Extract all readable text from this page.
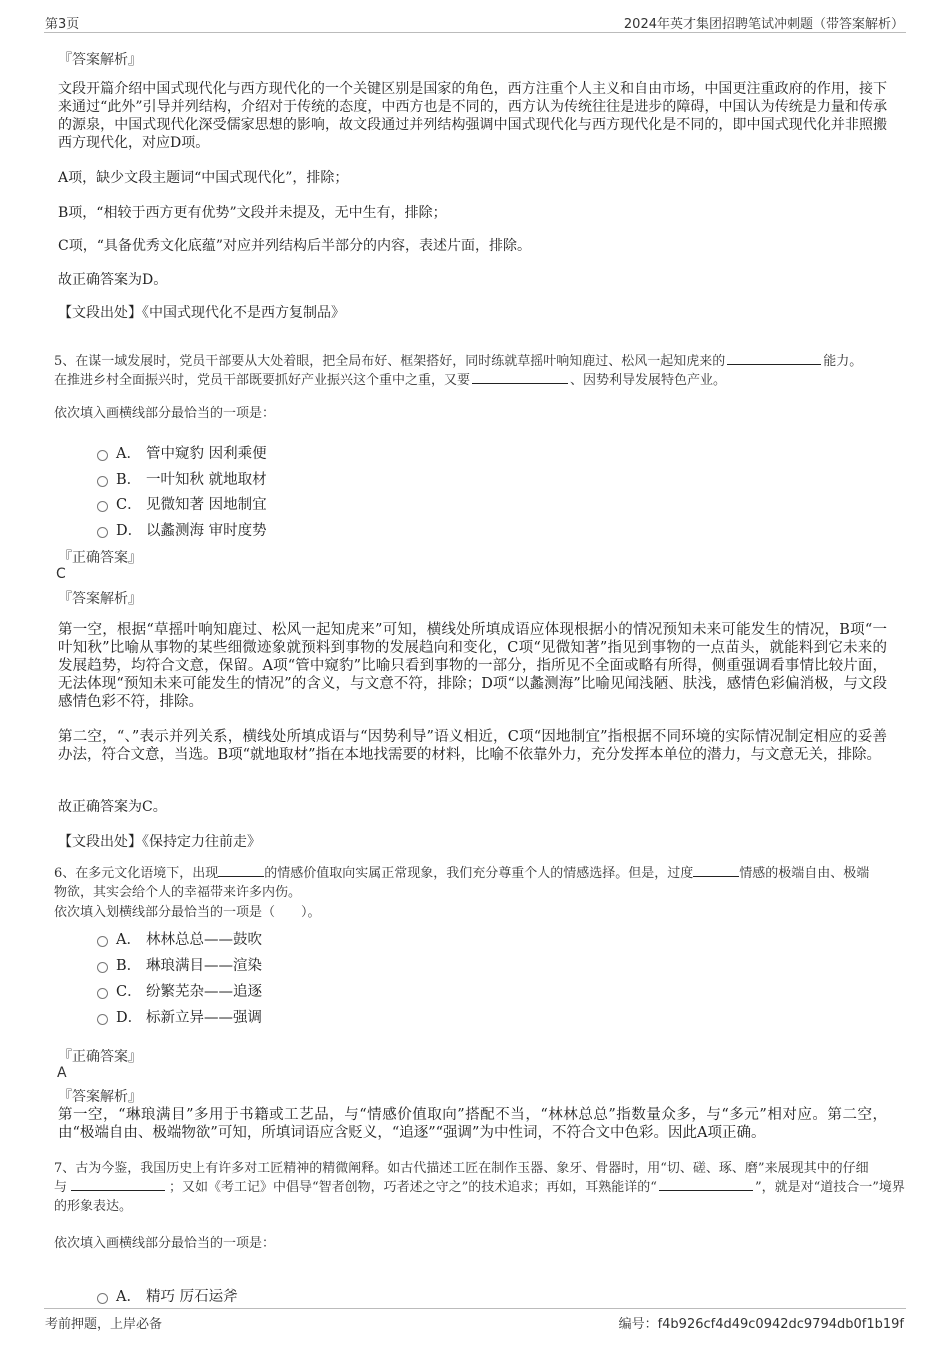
第3页	2024年英才集团招聘笔试冲刺题（带答案解析）
『答案解析』
文段开篇介绍中国式现代化与西方现代化的一个关键区别是国家的角色，西方注重个人主义和自由市场，中国更注重政府的作用，接下来通过“此外”引导并列结构，介绍对于传统的态度，中西方也是不同的，西方认为传统往往是进步的障碍，中国认为传统是力量和传承的源泉，中国式现代化深受儒家思想的影响，故文段通过并列结构强调中国式现代化与西方现代化是不同的，即中国式现代化并非照搬西方现代化，对应D项。
A项，缺少文段主题词“中国式现代化”，排除；
B项，“相较于西方更有优势”文段并未提及，无中生有，排除；
C项，“具备优秀文化底蕴”对应并列结构后半部分的内容，表述片面，排除。
故正确答案为D。
【文段出处】《中国式现代化不是西方复制品》
5、在谋一域发展时，党员干部要从大处着眼，把全局布好、框架搭好，同时练就草摇叶响知鹿过、松风一起知虎来的	能力。
在推进乡村全面振兴时，党员干部既要抓好产业振兴这个重中之重，又要	、因势利导发展特色产业。
依次填入画横线部分最恰当的一项是：
A． 管中窥豹 因利乘便
B． 一叶知秋 就地取材
C． 见微知著 因地制宜
D． 以蠡测海 审时度势
『正确答案』
C
『答案解析』
第一空，根据“草摇叶响知鹿过、松风一起知虎来”可知，横线处所填成语应体现根据小的情况预知未来可能发生的情况，B项“一叶知秋”比喻从事物的某些细微迹象就预料到事物的发展趋向和变化，C项“见微知著”指见到事物的一点苗头，就能料到它未来的发展趋势，均符合文意，保留。A项“管中窥豹”比喻只看到事物的一部分，指所见不全面或略有所得，侧重强调看事情比较片面，无法体现“预知未来可能发生的情况”的含义，与文意不符，排除；D项“以蠡测海”比喻见闻浅陋、肤浅，感情色彩偏消极，与文段感情色彩不符，排除。
第二空，“、”表示并列关系，横线处所填成语与“因势利导”语义相近，C项“因地制宜”指根据不同环境的实际情况制定相应的妥善办法，符合文意，当选。B项“就地取材”指在本地找需要的材料，比喻不依靠外力，充分发挥本单位的潜力，与文意无关，排除。
故正确答案为C。
【文段出处】《保持定力往前走》
6、在多元文化语境下，出现	的情感价值取向实属正常现象，我们充分尊重个人的情感选择。但是，过度	情感的极端自由、极端
物欲，其实会给个人的幸福带来许多内伤。
依次填入划横线部分最恰当的一项是（　　）。
A． 林林总总——鼓吹
B． 琳琅满目——渲染
C． 纷繁芜杂——追逐
D． 标新立异——强调
『正确答案』
A
『答案解析』
第一空，“琳琅满目”多用于书籍或工艺品，与“情感价值取向”搭配不当，“林林总总”指数量众多，与“多元”相对应。第二空，由“极端自由、极端物欲”可知，所填词语应含贬义，“追逐”“强调”为中性词，不符合文中色彩。因此A项正确。
7、古为今鉴，我国历史上有许多对工匠精神的精微阐释。如古代描述工匠在制作玉器、象牙、骨器时，用“切、磋、琢、磨”来展现其中的仔细
与	；又如《考工记》中倡导“智者创物，巧者述之守之”的技术追求；再如，耳熟能详的“	”，就是对“道技合一”境界
的形象表达。
依次填入画横线部分最恰当的一项是：
A． 精巧 厉石运斧
考前押题，上岸必备	编号：f4b926cf4d49c0942dc9794db0f1b19f
